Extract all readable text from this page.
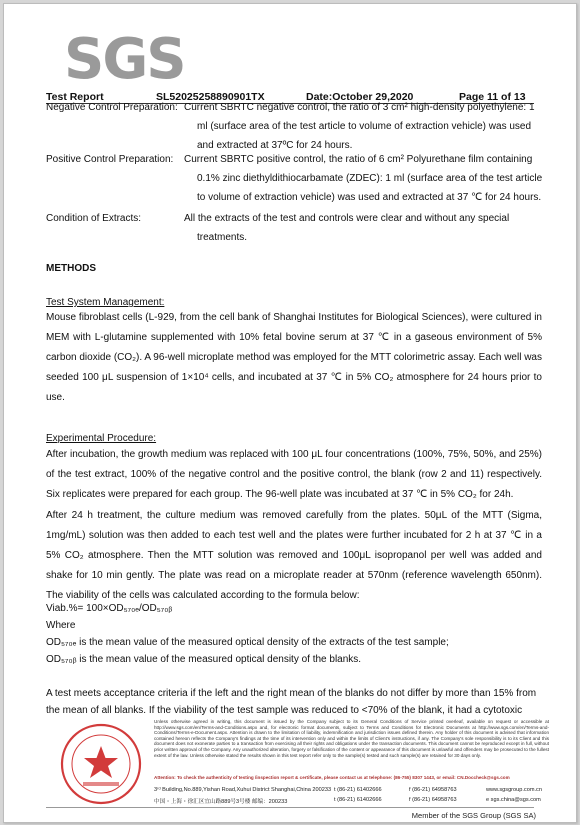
SGS
Test Report	SL52025258890901TX	Date:October 29,2020	Page 11 of 13
Negative Control Preparation: Current SBRTC negative control, the ratio of 3 cm² high-density polyethylene: 1
ml (surface area of the test article to volume of extraction vehicle) was used
and extracted at 37ºC for 24 hours.
Positive Control Preparation: Current SBRTC positive control, the ratio of 6 cm² Polyurethane film containing
0.1% zinc diethyldithiocarbamate (ZDEC): 1 ml (surface area of the test article
to volume of extraction vehicle) was used and extracted at 37 ℃ for 24 hours.
Condition of Extracts:	All the extracts of the test and controls were clear and without any special
treatments.
METHODS
Test System Management:

Mouse fibroblast cells (L-929, from the cell bank of Shanghai Institutes for Biological Sciences), were cultured in MEM with L-glutamine supplemented with 10% fetal bovine serum at 37 ℃ in a gaseous environment of 5% carbon dioxide (CO₂). A 96-well microplate method was employed for the MTT colorimetric assay. Each well was seeded 100 μL suspension of 1×10⁴ cells, and incubated at 37 ℃ in 5% CO₂ atmosphere for 24 hours prior to use.

Experimental Procedure:

After incubation, the growth medium was replaced with 100 μL four concentrations (100%, 75%, 50%, and 25%) of the test extract, 100% of the negative control and the positive control, the blank (row 2 and 11) respectively. Six replicates were prepared for each group. The 96-well plate was incubated at 37 ℃ in 5% CO₂ for 24h.

After 24 h treatment, the culture medium was removed carefully from the plates. 50μL of the MTT (Sigma, 1mg/mL) solution was then added to each test well and the plates were further incubated for 2 h at 37 ℃ in a 5% CO₂ atmosphere. Then the MTT solution was removed and 100μL isopropanol per well was added and shake for 10 min gently. The plate was read on a microplate reader at 570nm (reference wavelength 650nm). The viability of the cells was calculated according to the formula below:

Viab.%= 100×OD₅₇₀ₑ/OD₅₇₀ᵦ
Where
OD₅₇₀ₑ is the mean value of the measured optical density of the extracts of the test sample;
OD₅₇₀ᵦ is the mean value of the measured optical density of the blanks.
A test meets acceptance criteria if the left and the right mean of the blanks do not differ by more than 15% from
the mean of all blanks. If the viability of the test sample was reduced to <70% of the blank, it had a cytotoxic
Unless otherwise agreed in writing, this document is issued by the Company subject to its General Conditions of Service printed overleaf, available on request or accessible at http://www.sgs.com/en/Terms-and-Conditions.aspx and, for electronic format documents, subject to Terms and Conditions for Electronic Documents at http://www.sgs.com/en/Terms-and-Conditions/Terms-e-Document.aspx. Attention is drawn to the limitation of liability, indemnification and jurisdiction issues defined therein. Any holder of this document is advised that information contained hereon reflects the Company's findings at the time of its intervention only and within the limits of Client's instructions, if any. The Company's sole responsibility is to its Client and this document does not exonerate parties to a transaction from exercising all their rights and obligations under the transaction documents. This document cannot be reproduced except in full, without prior written approval of the Company. Any unauthorized alteration, forgery or falsification of the content or appearance of this document is unlawful and offenders may be prosecuted to the fullest extent of the law. Unless otherwise stated the results shown in this test report refer only to the sample(s) tested and such sample(s) are retained for 30 days only.
Attention: To check the authenticity of testing /inspection report & certificate, please contact us at telephone: (86-755) 8307 1443, or email: CN.Doccheck@sgs.com
3ʳᵈ Building,No.889,Yishan Road,Xuhui District Shanghai,China 200233
中国・上海・徐汇区宜山路889号3号楼 邮编：200233
t (86-21) 61402666
t (86-21) 61402666
f (86-21) 64958763
f (86-21) 64958763
www.sgsgroup.com.cn
e sgs.china@sgs.com
Member of the SGS Group (SGS SA)
